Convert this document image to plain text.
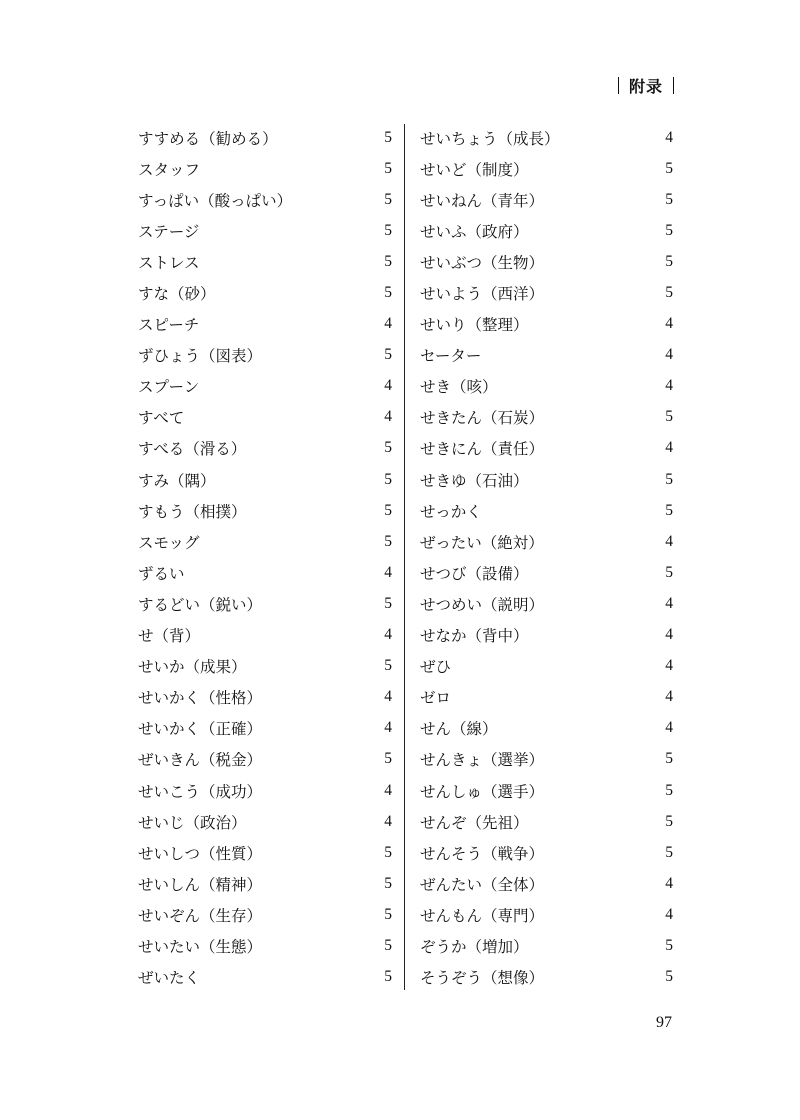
附录
すすめる（勧める）	5
スタッフ	5
すっぱい（酸っぱい）	5
ステージ	5
ストレス	5
すな（砂）	5
スピーチ	4
ずひょう（図表）	5
スプーン	4
すべて	4
すべる（滑る）	5
すみ（隅）	5
すもう（相撲）	5
スモッグ	5
ずるい	4
するどい（鋭い）	5
せ（背）	4
せいか（成果）	5
せいかく（性格）	4
せいかく（正確）	4
ぜいきん（税金）	5
せいこう（成功）	4
せいじ（政治）	4
せいしつ（性質）	5
せいしん（精神）	5
せいぞん（生存）	5
せいたい（生態）	5
ぜいたく	5
せいちょう（成長）	4
せいど（制度）	5
せいねん（青年）	5
せいふ（政府）	5
せいぶつ（生物）	5
せいよう（西洋）	5
せいり（整理）	4
セーター	4
せき（咳）	4
せきたん（石炭）	5
せきにん（責任）	4
せきゆ（石油）	5
せっかく	5
ぜったい（絶対）	4
せつび（設備）	5
せつめい（説明）	4
せなか（背中）	4
ぜひ	4
ゼロ	4
せん（線）	4
せんきょ（選挙）	5
せんしゅ（選手）	5
せんぞ（先祖）	5
せんそう（戦争）	5
ぜんたい（全体）	4
せんもん（専門）	4
ぞうか（増加）	5
そうぞう（想像）	5
97
